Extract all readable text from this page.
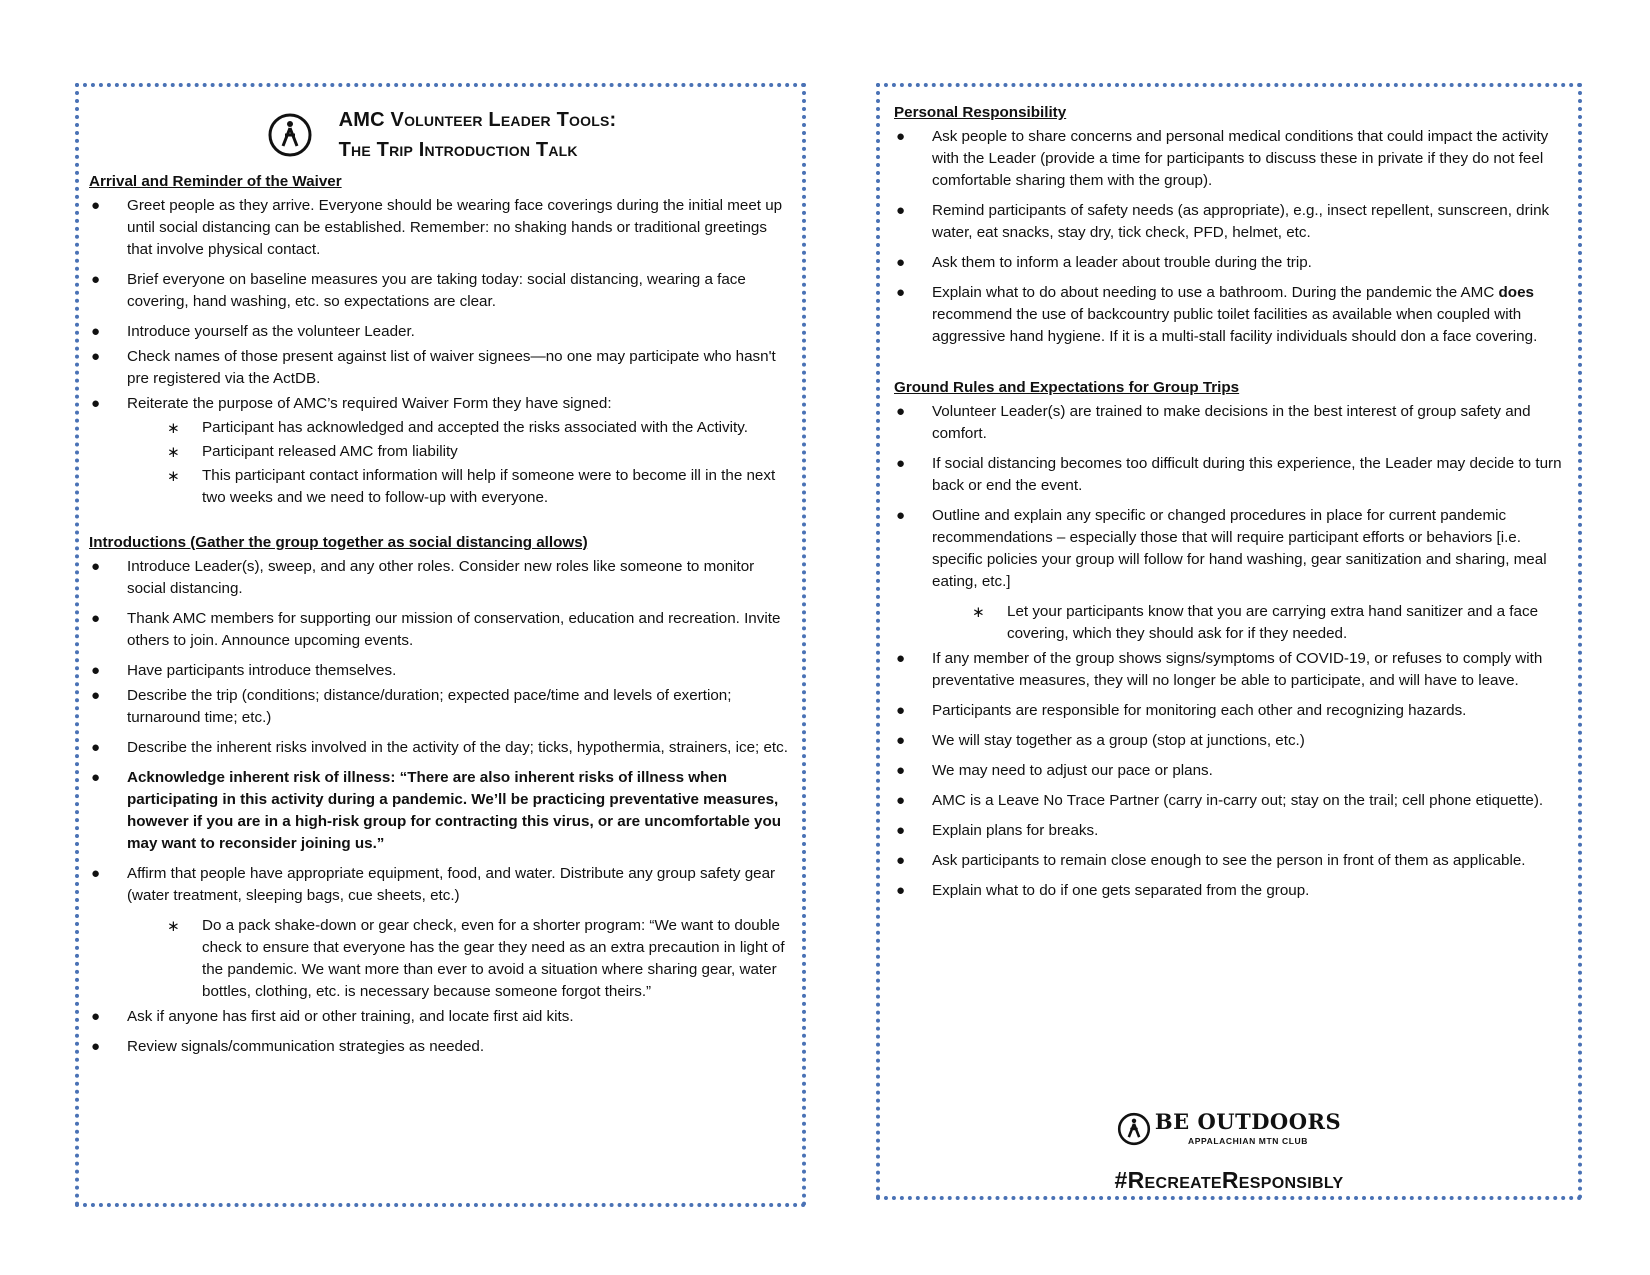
AMC Volunteer Leader Tools:
The Trip Introduction Talk
Arrival and Reminder of the Waiver
● Greet people as they arrive. Everyone should be wearing face coverings during the initial meet up until social distancing can be established. Remember: no shaking hands or traditional greetings that involve physical contact.
● Brief everyone on baseline measures you are taking today: social distancing, wearing a face covering, hand washing, etc. so expectations are clear.
● Introduce yourself as the volunteer Leader.
● Check names of those present against list of waiver signees—no one may participate who hasn't pre registered via the ActDB.
● Reiterate the purpose of AMC’s required Waiver Form they have signed:
∗ Participant has acknowledged and accepted the risks associated with the Activity.
∗ Participant released AMC from liability
∗ This participant contact information will help if someone were to become ill in the next two weeks and we need to follow-up with everyone.
Introductions (Gather the group together as social distancing allows)
● Introduce Leader(s), sweep, and any other roles. Consider new roles like someone to monitor social distancing.
● Thank AMC members for supporting our mission of conservation, education and recreation. Invite others to join. Announce upcoming events.
● Have participants introduce themselves.
● Describe the trip (conditions; distance/duration; expected pace/time and levels of exertion; turnaround time; etc.)
● Describe the inherent risks involved in the activity of the day; ticks, hypothermia, strainers, ice; etc.
● Acknowledge inherent risk of illness: “There are also inherent risks of illness when participating in this activity during a pandemic. We’ll be practicing preventative measures, however if you are in a high-risk group for contracting this virus, or are uncomfortable you may want to reconsider joining us.”
● Affirm that people have appropriate equipment, food, and water. Distribute any group safety gear (water treatment, sleeping bags, cue sheets, etc.)
∗ Do a pack shake-down or gear check, even for a shorter program: “We want to double check to ensure that everyone has the gear they need as an extra precaution in light of the pandemic. We want more than ever to avoid a situation where sharing gear, water bottles, clothing, etc. is necessary because someone forgot theirs.”
● Ask if anyone has first aid or other training, and locate first aid kits.
● Review signals/communication strategies as needed.
Personal Responsibility
● Ask people to share concerns and personal medical conditions that could impact the activity with the Leader (provide a time for participants to discuss these in private if they do not feel comfortable sharing them with the group).
● Remind participants of safety needs (as appropriate), e.g., insect repellent, sunscreen, drink water, eat snacks, stay dry, tick check, PFD, helmet, etc.
● Ask them to inform a leader about trouble during the trip.
● Explain what to do about needing to use a bathroom. During the pandemic the AMC does recommend the use of backcountry public toilet facilities as available when coupled with aggressive hand hygiene. If it is a multi-stall facility individuals should don a face covering.
Ground Rules and Expectations for Group Trips
● Volunteer Leader(s) are trained to make decisions in the best interest of group safety and comfort.
● If social distancing becomes too difficult during this experience, the Leader may decide to turn back or end the event.
● Outline and explain any specific or changed procedures in place for current pandemic recommendations – especially those that will require participant efforts or behaviors [i.e. specific policies your group will follow for hand washing, gear sanitization and sharing, meal eating, etc.]
∗ Let your participants know that you are carrying extra hand sanitizer and a face covering, which they should ask for if they needed.
● If any member of the group shows signs/symptoms of COVID-19, or refuses to comply with preventative measures, they will no longer be able to participate, and will have to leave.
● Participants are responsible for monitoring each other and recognizing hazards.
● We will stay together as a group (stop at junctions, etc.)
● We may need to adjust our pace or plans.
● AMC is a Leave No Trace Partner (carry in-carry out; stay on the trail; cell phone etiquette).
● Explain plans for breaks.
● Ask participants to remain close enough to see the person in front of them as applicable.
● Explain what to do if one gets separated from the group.
BE OUTDOORS
APPALACHIAN MTN CLUB
#RecreateResponsibly
